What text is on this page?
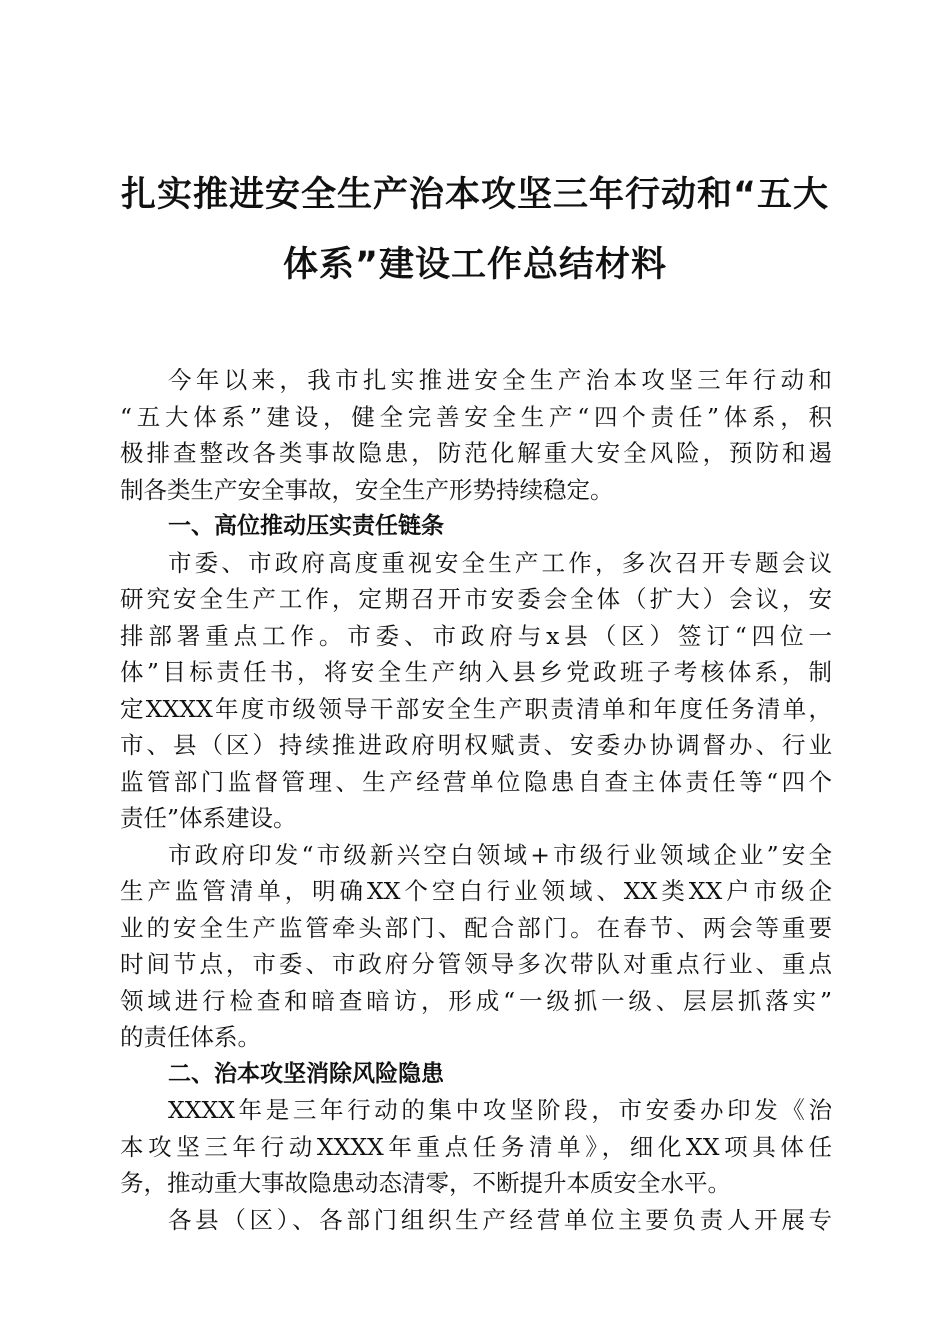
扎实推进安全生产治本攻坚三年行动和“五大
体系”建设工作总结材料
今年以来，我市扎实推进安全生产治本攻坚三年行动和
“五大体系”建设，健全完善安全生产“四个责任”体系，积
极排查整改各类事故隐患，防范化解重大安全风险，预防和遏
制各类生产安全事故，安全生产形势持续稳定。
一、高位推动压实责任链条
市委、市政府高度重视安全生产工作，多次召开专题会议
研究安全生产工作，定期召开市安委会全体（扩大）会议，安
排部署重点工作。市委、市政府与x县（区）签订“四位一
体”目标责任书，将安全生产纳入县乡党政班子考核体系，制
定XXXX年度市级领导干部安全生产职责清单和年度任务清单，
市、县（区）持续推进政府明权赋责、安委办协调督办、行业
监管部门监督管理、生产经营单位隐患自查主体责任等“四个
责任”体系建设。
市政府印发“市级新兴空白领域+市级行业领域企业”安全
生产监管清单，明确XX个空白行业领域、XX类XX户市级企
业的安全生产监管牵头部门、配合部门。在春节、两会等重要
时间节点，市委、市政府分管领导多次带队对重点行业、重点
领域进行检查和暗查暗访，形成“一级抓一级、层层抓落实”
的责任体系。
二、治本攻坚消除风险隐患
XXXX年是三年行动的集中攻坚阶段，市安委办印发《治
本攻坚三年行动XXXX年重点任务清单》，细化XX项具体任
务，推动重大事故隐患动态清零，不断提升本质安全水平。
各县（区）、各部门组织生产经营单位主要负责人开展专
